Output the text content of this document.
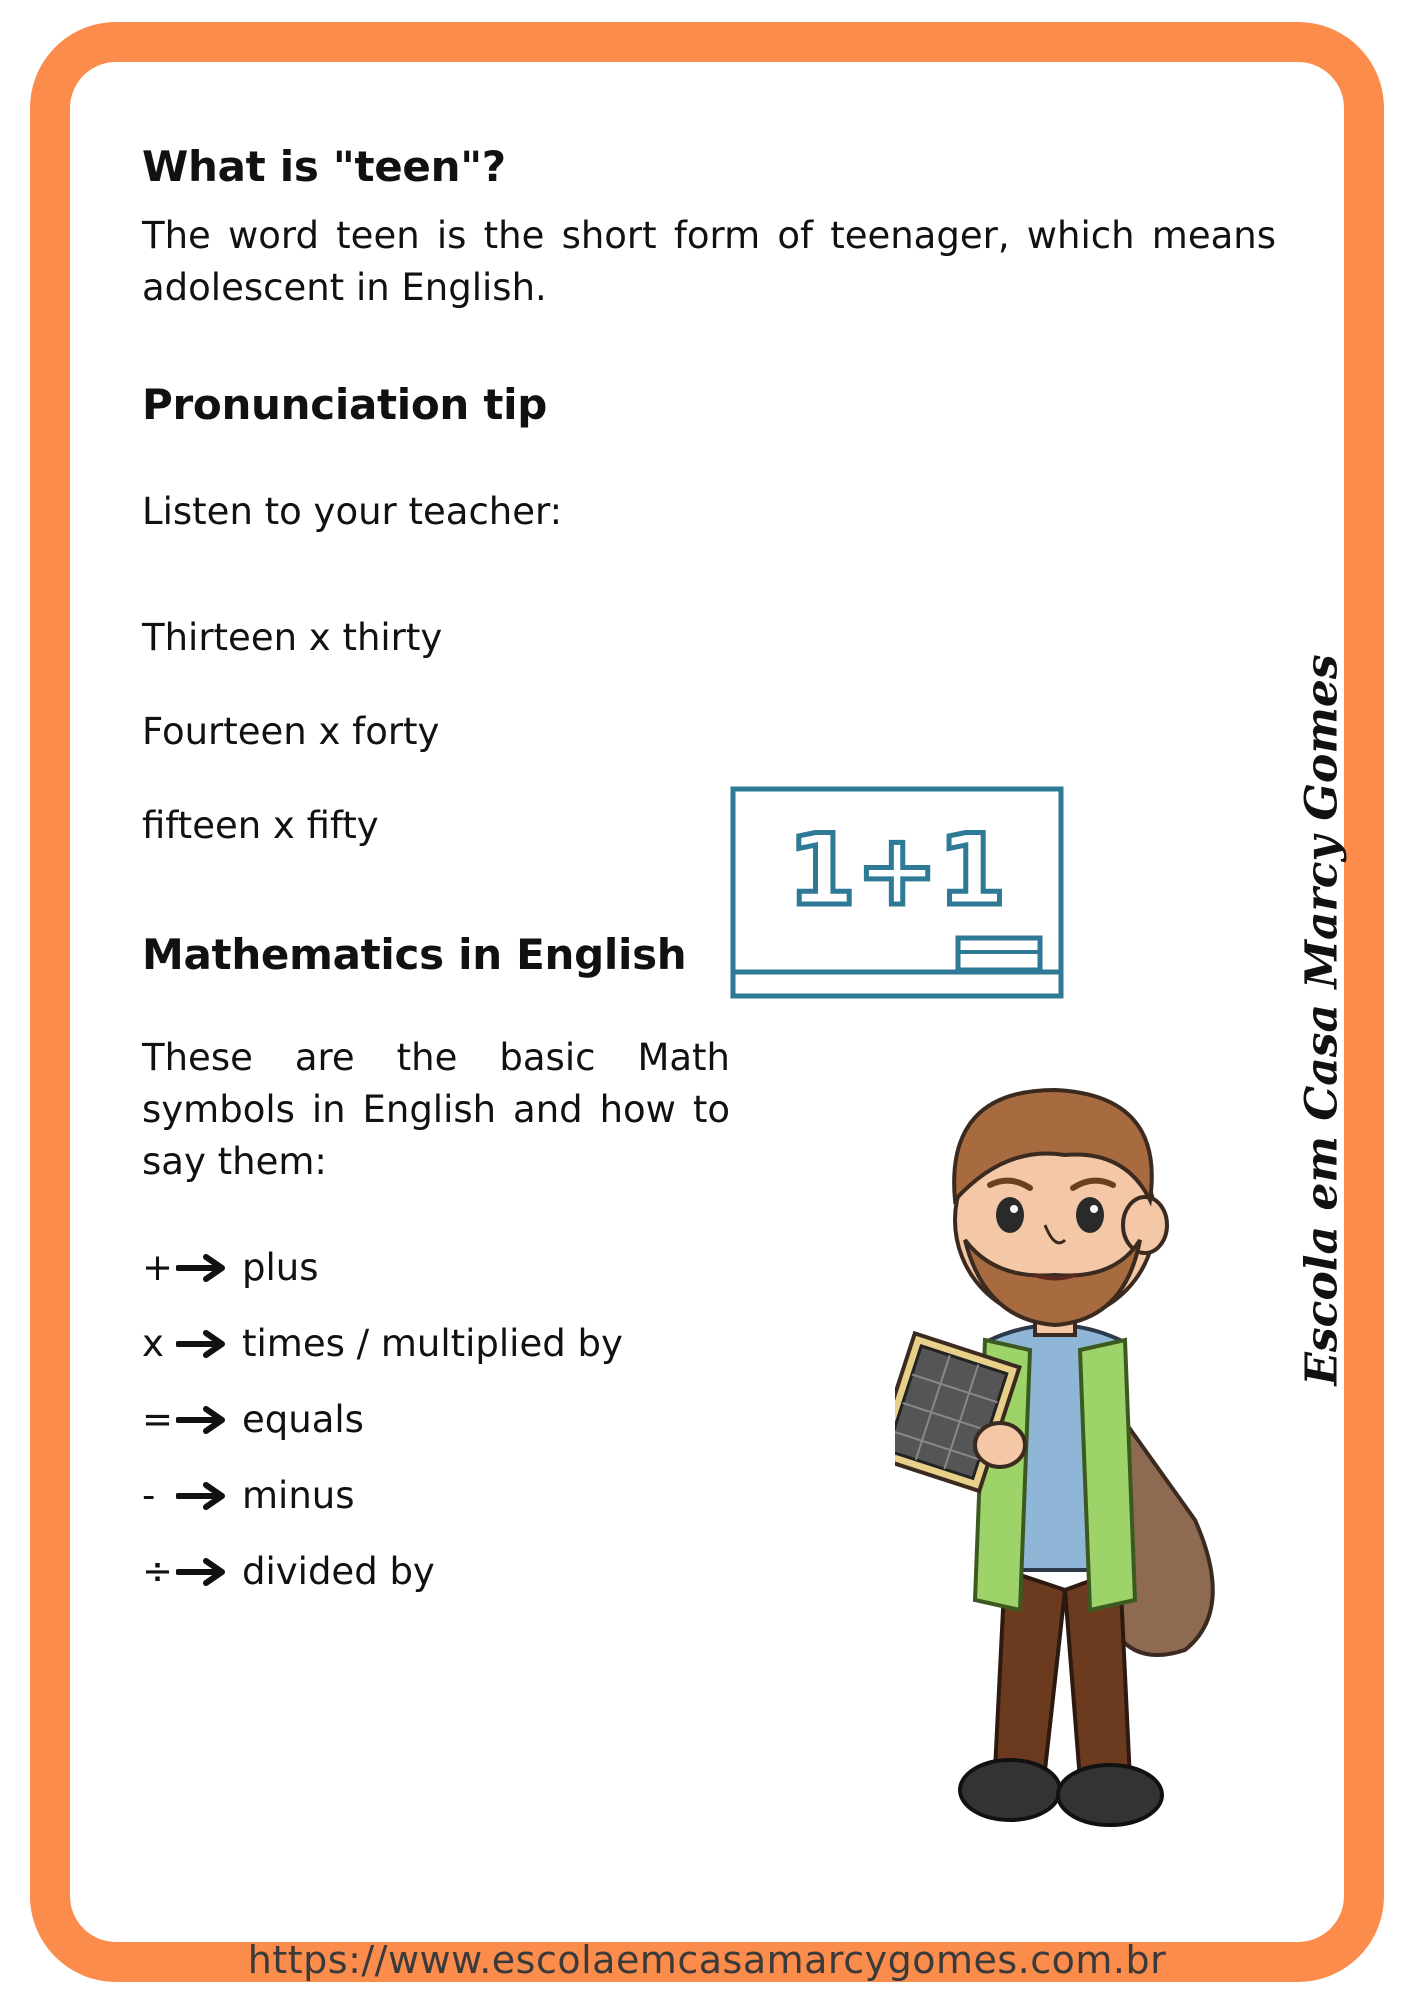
What is "teen"?

The word teen is the short form of teenager, which means adolescent in English.

Pronunciation tip

Listen to your teacher:

Thirteen x thirty

Fourteen x forty

fifteen x fifty

Mathematics in English

These are the basic Math symbols in English and how to say them:

+ plus
x	times / multiplied by
= equals
-	minus
÷ divided by
1+1	Escola em Casa Marcy Gomes
https://www.escolaemcasamarcygomes.com.br
